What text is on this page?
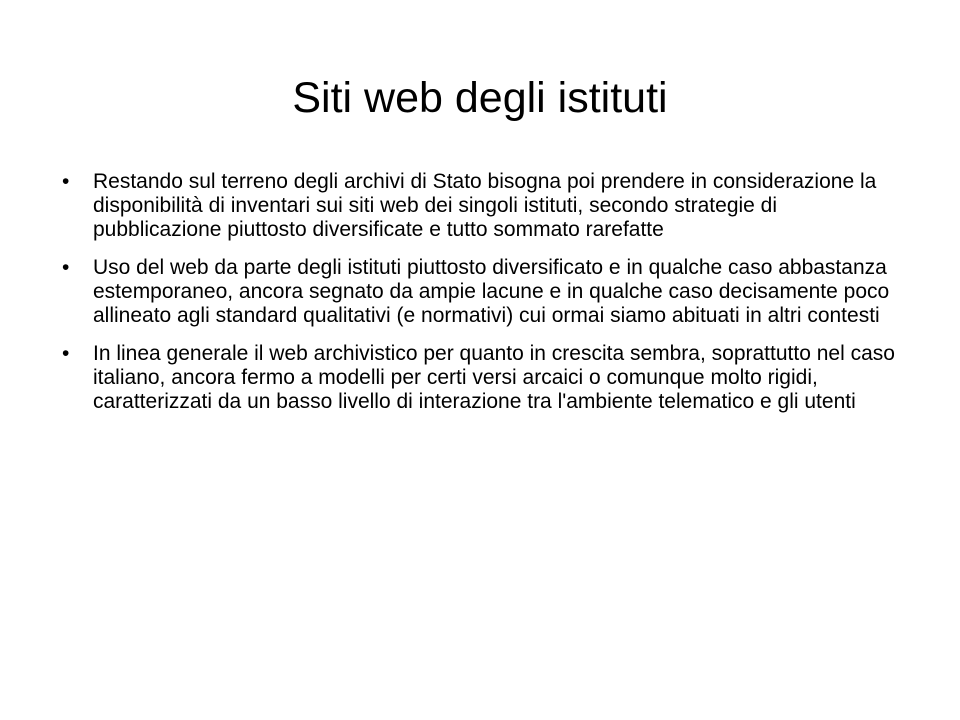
Siti web degli istituti
• Restando sul terreno degli archivi di Stato bisogna poi prendere in considerazione la disponibilità di inventari sui siti web dei singoli istituti, secondo strategie di pubblicazione piuttosto diversificate e tutto sommato rarefatte
• Uso del web da parte degli istituti piuttosto diversificato e in qualche caso abbastanza estemporaneo, ancora segnato da ampie lacune e in qualche caso decisamente poco allineato agli standard qualitativi (e normativi) cui ormai siamo abituati in altri contesti
• In linea generale il web archivistico per quanto in crescita sembra, soprattutto nel caso italiano, ancora fermo a modelli per certi versi arcaici o comunque molto rigidi, caratterizzati da un basso livello di interazione tra l'ambiente telematico e gli utenti
